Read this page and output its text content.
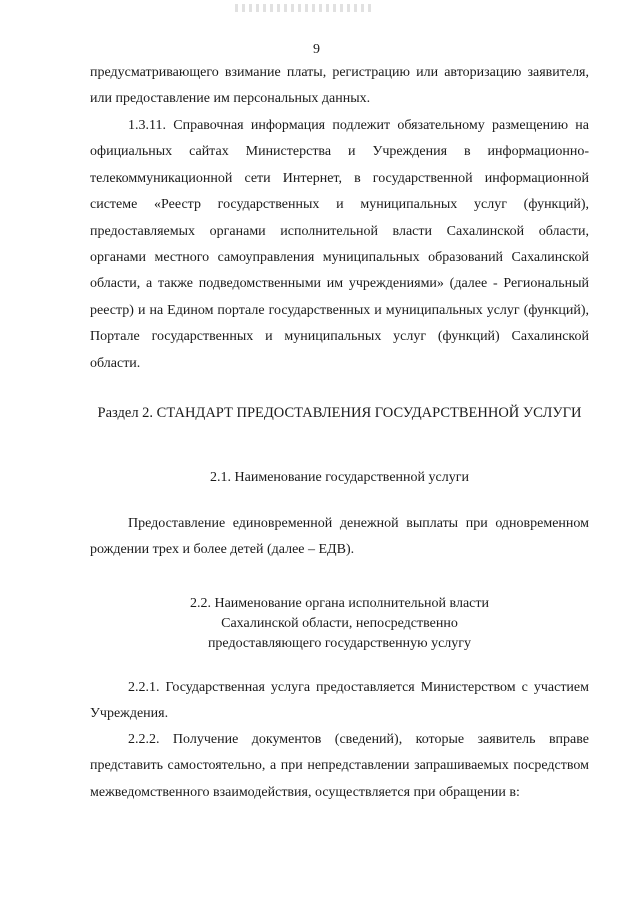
9

предусматривающего взимание платы, регистрацию или авторизацию заявителя, или предоставление им персональных данных.

1.3.11. Справочная информация подлежит обязательному размещению на официальных сайтах Министерства и Учреждения в информационно-телекоммуникационной сети Интернет, в государственной информационной системе «Реестр государственных и муниципальных услуг (функций), предоставляемых органами исполнительной власти Сахалинской области, органами местного самоуправления муниципальных образований Сахалинской области, а также подведомственными им учреждениями» (далее - Региональный реестр) и на Едином портале государственных и муниципальных услуг (функций), Портале государственных и муниципальных услуг (функций) Сахалинской области.

Раздел 2. СТАНДАРТ ПРЕДОСТАВЛЕНИЯ ГОСУДАРСТВЕННОЙ УСЛУГИ
2.1. Наименование государственной услуги

Предоставление единовременной денежной выплаты при одновременном рождении трех и более детей (далее – ЕДВ).

2.2. Наименование органа исполнительной власти
Сахалинской области, непосредственно
предоставляющего государственную услугу

2.2.1. Государственная услуга предоставляется Министерством с участием Учреждения.

2.2.2. Получение документов (сведений), которые заявитель вправе представить самостоятельно, а при непредставлении запрашиваемых посредством межведомственного взаимодействия, осуществляется при обращении в:
